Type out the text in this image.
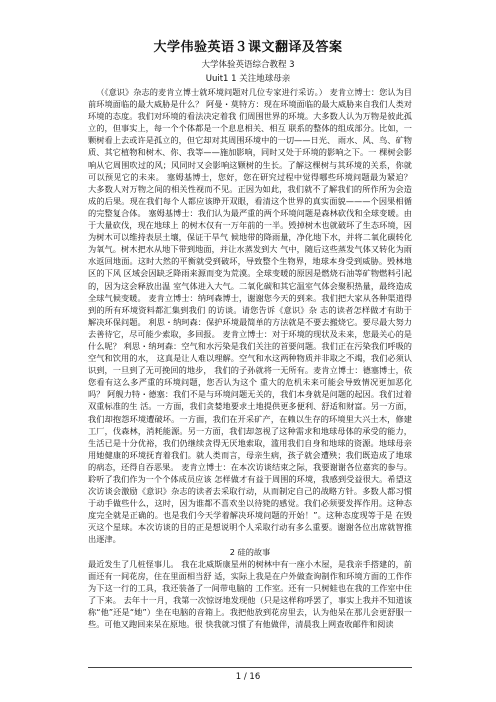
大学伟验英语３课文翻译及答案
大学体验英语综合教程 3
Uuit1 1 关注地球母亲

（《意识》杂志的麦肯立博士就环境问题对几位专家进行采访。） 麦肯立博士：您认为目前环境面临的最大威胁是什么？ 阿曼・莫特方：现在环境面临的最大威胁来自我们人类对环境的态度。我们对环境的看法决定着我 们周围世界的环境。大多数人认为万物是彼此孤立的，但事实上，每一个个体都是一个息息相关、相互 联系的整体的组成部分。比如，一颗树看上去或许是孤立的，但它却对其周围环境中的一切——日光、 雨水、风、鸟、矿物质、其它植物和树木、你、我等——施加影响，同时又处于环境的影响之下。一 棵树会影响从它周围吹过的风；风同时又会影响这颗树的生长。了解这棵树与其环境的关系，你就可以预见它的未来。 塞姆基博士，您好，您在研究过程中觉得哪些环境问题最为紧迫？ 大多数人对万物之间的相关性视而不见。正因为如此，我们就不了解我们的所作所为会造成的后果。现在我们每个人都应该睁开双眼，看清这个世界的真实面貌———个因果相循的完整复合体。 塞姆基博士：我们认为最严重的两个环境问题是森林砍伐和全球变暖。由于大量砍伐，现在地球上 的树木仅有一万年前的一半。毁掉树木也就破坏了生态环境，因为树木可以维持表层土壤，保证干旱气 候地带的降雨量，净化地下水，并将二氧化碳转化为氧气。树木把水从地下带到地面，并让水蒸发到大 气中，随后这些蒸发气体又转化为雨水返回地面。这时大然的平衡就受到破坏，导致整个生物界，地球本身受到威胁。毁林地区的下风 区域会因缺乏降雨来源而变为荒漠。全球变暖的原因是燃烧石油等矿物燃料引起的，因为这会释放出温 室气体进入大气。二氧化碳和其它温室气体会聚积热量，最终造成全球气候变暖。 麦肯立博士：纳珂森博士，谢谢您今天的到来。我们把大家从各种渠道得到的所有环境资料都汇集到我们 的访谈。请您告诉《意识》杂 志的读者怎样做才有助于解决环保问题。 利思・纳珂森：保护环境最简单的方法就是不要去搬烧它。要尽最大努力去善待它，尽可能少索取，多回报。 麦肯立博士：对于环境的现状及未来，您最关心的是什么呢？ 利思・纳珂森：空气和水污染是我们关注的首要问题。我们正在污染我们呼吸的空气和饮用的水， 这真是让人难以理解。空气和水这两种物质并非取之不竭，我们必须认识到，一旦到了无可挽回的地步， 我们的子孙就将一无所有。麦肯立博士：德塞博士，依您看有这么多严重的环境问题，您否认为这个 重大的危机未来可能会导致情况更加恶化吗？ 阿舰力特・德塞：我们不是与环境问题无关的，我们本身就是问题的起因。我们过着双重标准的生 活。一方面，我们贪婪地要求土地提供更多便利、舒适和财富。另一方面，我们却抱怨环境遭破坏。一方面，我们在开采矿产，在赖以生存的环境里大兴土木，修建工厂，伐森林，消耗能源。另一方面，我们却忽视了这种需求和地球母体的承受的能力，生活已是十分优裕，我们仍继续贪得无厌地索取，滥用我们自身和地球的资源。地球母亲用她健康的环境抚育着我们。就人类而言，母亲生病，孩子就会遭殃；我们既造成了地球的病态，还得自吞恶果。 麦肯立博士：在本次访谈结束之际，我要谢谢各位嘉宾的参与。聆听了我们作为一个个体成员应该 怎样做才有益于周围的环境，我感到受益很大。希望这次访谈会激励《意识》杂志的读者去采取行动，从而制定自己的战略方针。多数人都习惯于动手做些什么，这时，因为谁都不喜欢坐以待毙的感觉。我们必须要发挥作用。这种态度完全就是正确的。也是我们今天学着解决环境问题的开始！”。这种态度现等于是 在毁灭这个星球。本次访谈的目的正是想说明个人采取行动有多么重要。谢谢各位出席就智推出逐津。

2 硅的故事
最近发生了几桩怪事儿。 我在北威斯康星州的树林中有一座小木屋，是我亲手搭建的，前面还有一间花房，住在里面相当舒 适，实际上我是在户外做查询制作和环境方面的工作作为下这一行的工具，我还装备了一间带电脑的 工作室。还有一只树蛙也在我的工作室中住了下来。 去年十一月，我第一次惊讶地发现他（只是这样称呼罢了，事实上我并不知道该称“他”还是“她”）坐在电脑的音箱上。我把他放到花房里去，认为他呆在那儿会更舒服一些。可他又跑回来呆在原地。很 快我就习惯了有他做伴，清晨我上网查收邮件和阅读

1 / 16
